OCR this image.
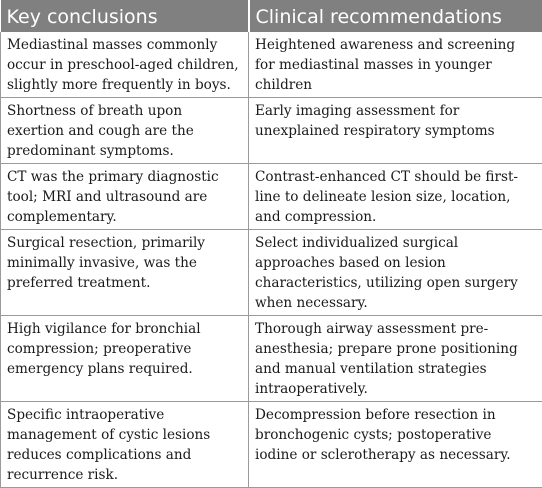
Key conclusions	Clinical recommendations
Mediastinal masses commonly occur in preschool-aged children, slightly more frequently in boys.	Heightened awareness and screening for mediastinal masses in younger children
Shortness of breath upon exertion and cough are the predominant symptoms.	Early imaging assessment for unexplained respiratory symptoms
CT was the primary diagnostic tool; MRI and ultrasound are complementary.	Contrast-enhanced CT should be first-line to delineate lesion size, location, and compression.
Surgical resection, primarily minimally invasive, was the preferred treatment.	Select individualized surgical approaches based on lesion characteristics, utilizing open surgery when necessary.
High vigilance for bronchial compression; preoperative emergency plans required.	Thorough airway assessment pre-anesthesia; prepare prone positioning and manual ventilation strategies intraoperatively.
Specific intraoperative management of cystic lesions reduces complications and recurrence risk.	Decompression before resection in bronchogenic cysts; postoperative iodine or sclerotherapy as necessary.
